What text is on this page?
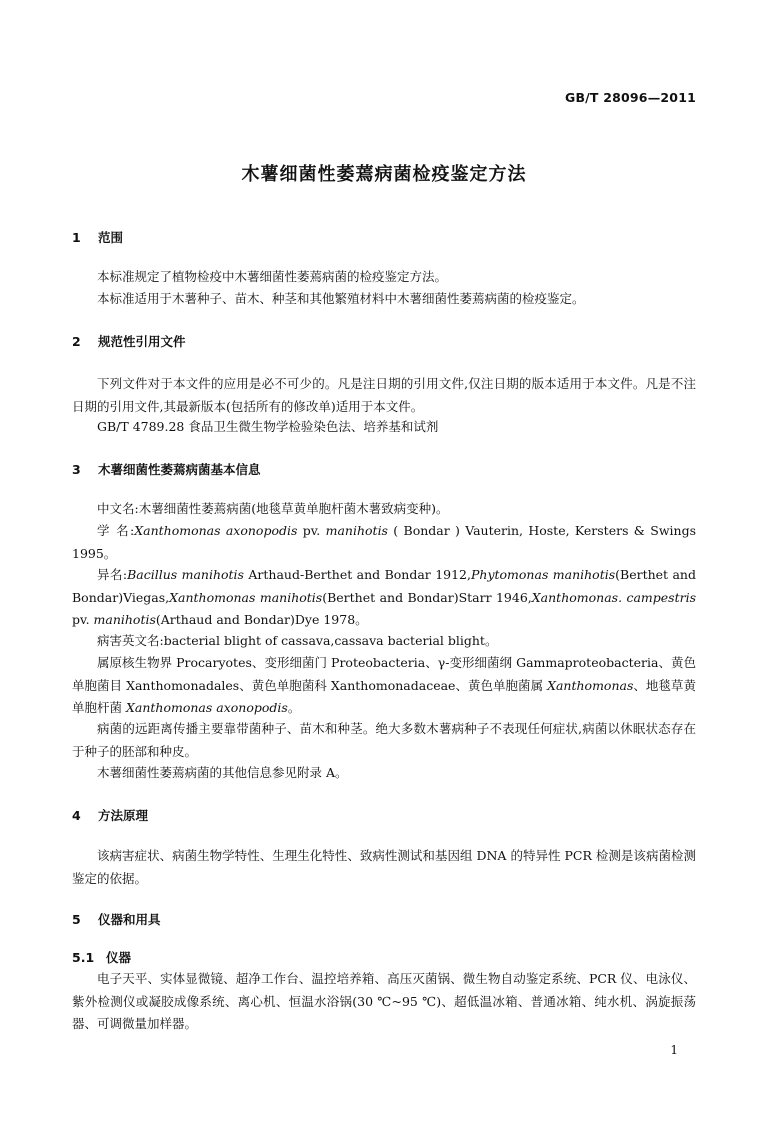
GB/T 28096—2011
木薯细菌性萎蔫病菌检疫鉴定方法
1 范围
本标准规定了植物检疫中木薯细菌性萎蔫病菌的检疫鉴定方法。
本标准适用于木薯种子、苗木、种茎和其他繁殖材料中木薯细菌性萎蔫病菌的检疫鉴定。
2 规范性引用文件
下列文件对于本文件的应用是必不可少的。凡是注日期的引用文件,仅注日期的版本适用于本文件。凡是不注日期的引用文件,其最新版本(包括所有的修改单)适用于本文件。
GB/T 4789.28 食品卫生微生物学检验染色法、培养基和试剂
3 木薯细菌性萎蔫病菌基本信息
中文名:木薯细菌性萎蔫病菌(地毯草黄单胞杆菌木薯致病变种)。
学 名:Xanthomonas axonopodis pv. manihotis ( Bondar ) Vauterin, Hoste, Kersters & Swings 1995。
异名:Bacillus manihotis Arthaud-Berthet and Bondar 1912,Phytomonas manihotis(Berthet and Bondar)Viegas,Xanthomonas manihotis(Berthet and Bondar)Starr 1946,Xanthomonas. campestris pv. manihotis(Arthaud and Bondar)Dye 1978。
病害英文名:bacterial blight of cassava,cassava bacterial blight。
属原核生物界 Procaryotes、变形细菌门 Proteobacteria、γ-变形细菌纲 Gammaproteobacteria、黄色单胞菌目 Xanthomonadales、黄色单胞菌科 Xanthomonadaceae、黄色单胞菌属 Xanthomonas、地毯草黄单胞杆菌 Xanthomonas axonopodis。
病菌的远距离传播主要靠带菌种子、苗木和种茎。绝大多数木薯病种子不表现任何症状,病菌以休眠状态存在于种子的胚部和种皮。
木薯细菌性萎蔫病菌的其他信息参见附录 A。
4 方法原理
该病害症状、病菌生物学特性、生理生化特性、致病性测试和基因组 DNA 的特异性 PCR 检测是该病菌检测鉴定的依据。
5 仪器和用具
5.1 仪器
电子天平、实体显微镜、超净工作台、温控培养箱、高压灭菌锅、微生物自动鉴定系统、PCR 仪、电泳仪、紫外检测仪或凝胶成像系统、离心机、恒温水浴锅(30 ℃~95 ℃)、超低温冰箱、普通冰箱、纯水机、涡旋振荡器、可调微量加样器。
1
